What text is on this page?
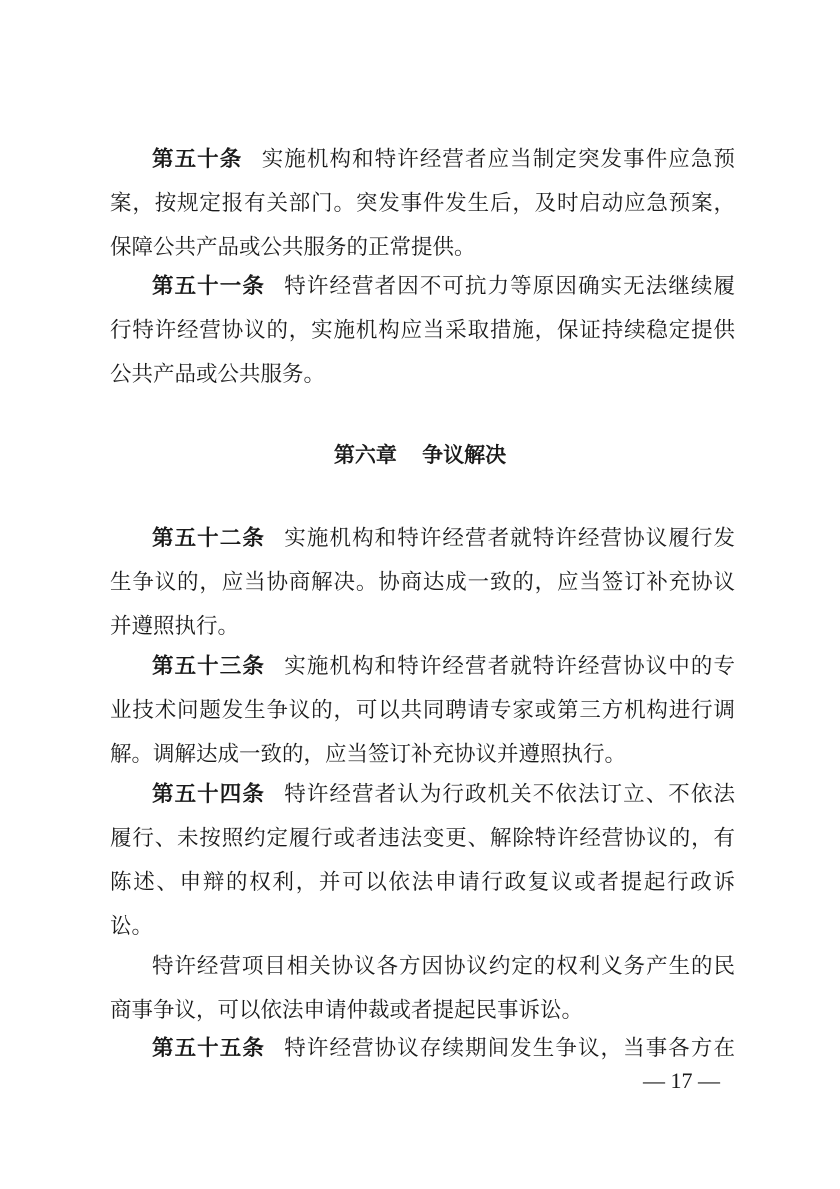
第五十条 实施机构和特许经营者应当制定突发事件应急预
案，按规定报有关部门。突发事件发生后，及时启动应急预案，
保障公共产品或公共服务的正常提供。
第五十一条 特许经营者因不可抗力等原因确实无法继续履
行特许经营协议的，实施机构应当采取措施，保证持续稳定提供
公共产品或公共服务。
第六章 争议解决
第五十二条 实施机构和特许经营者就特许经营协议履行发
生争议的，应当协商解决。协商达成一致的，应当签订补充协议
并遵照执行。
第五十三条 实施机构和特许经营者就特许经营协议中的专
业技术问题发生争议的，可以共同聘请专家或第三方机构进行调
解。调解达成一致的，应当签订补充协议并遵照执行。
第五十四条 特许经营者认为行政机关不依法订立、不依法
履行、未按照约定履行或者违法变更、解除特许经营协议的，有
陈述、申辩的权利，并可以依法申请行政复议或者提起行政诉
讼。
特许经营项目相关协议各方因协议约定的权利义务产生的民
商事争议，可以依法申请仲裁或者提起民事诉讼。
第五十五条 特许经营协议存续期间发生争议，当事各方在
— 17 —
